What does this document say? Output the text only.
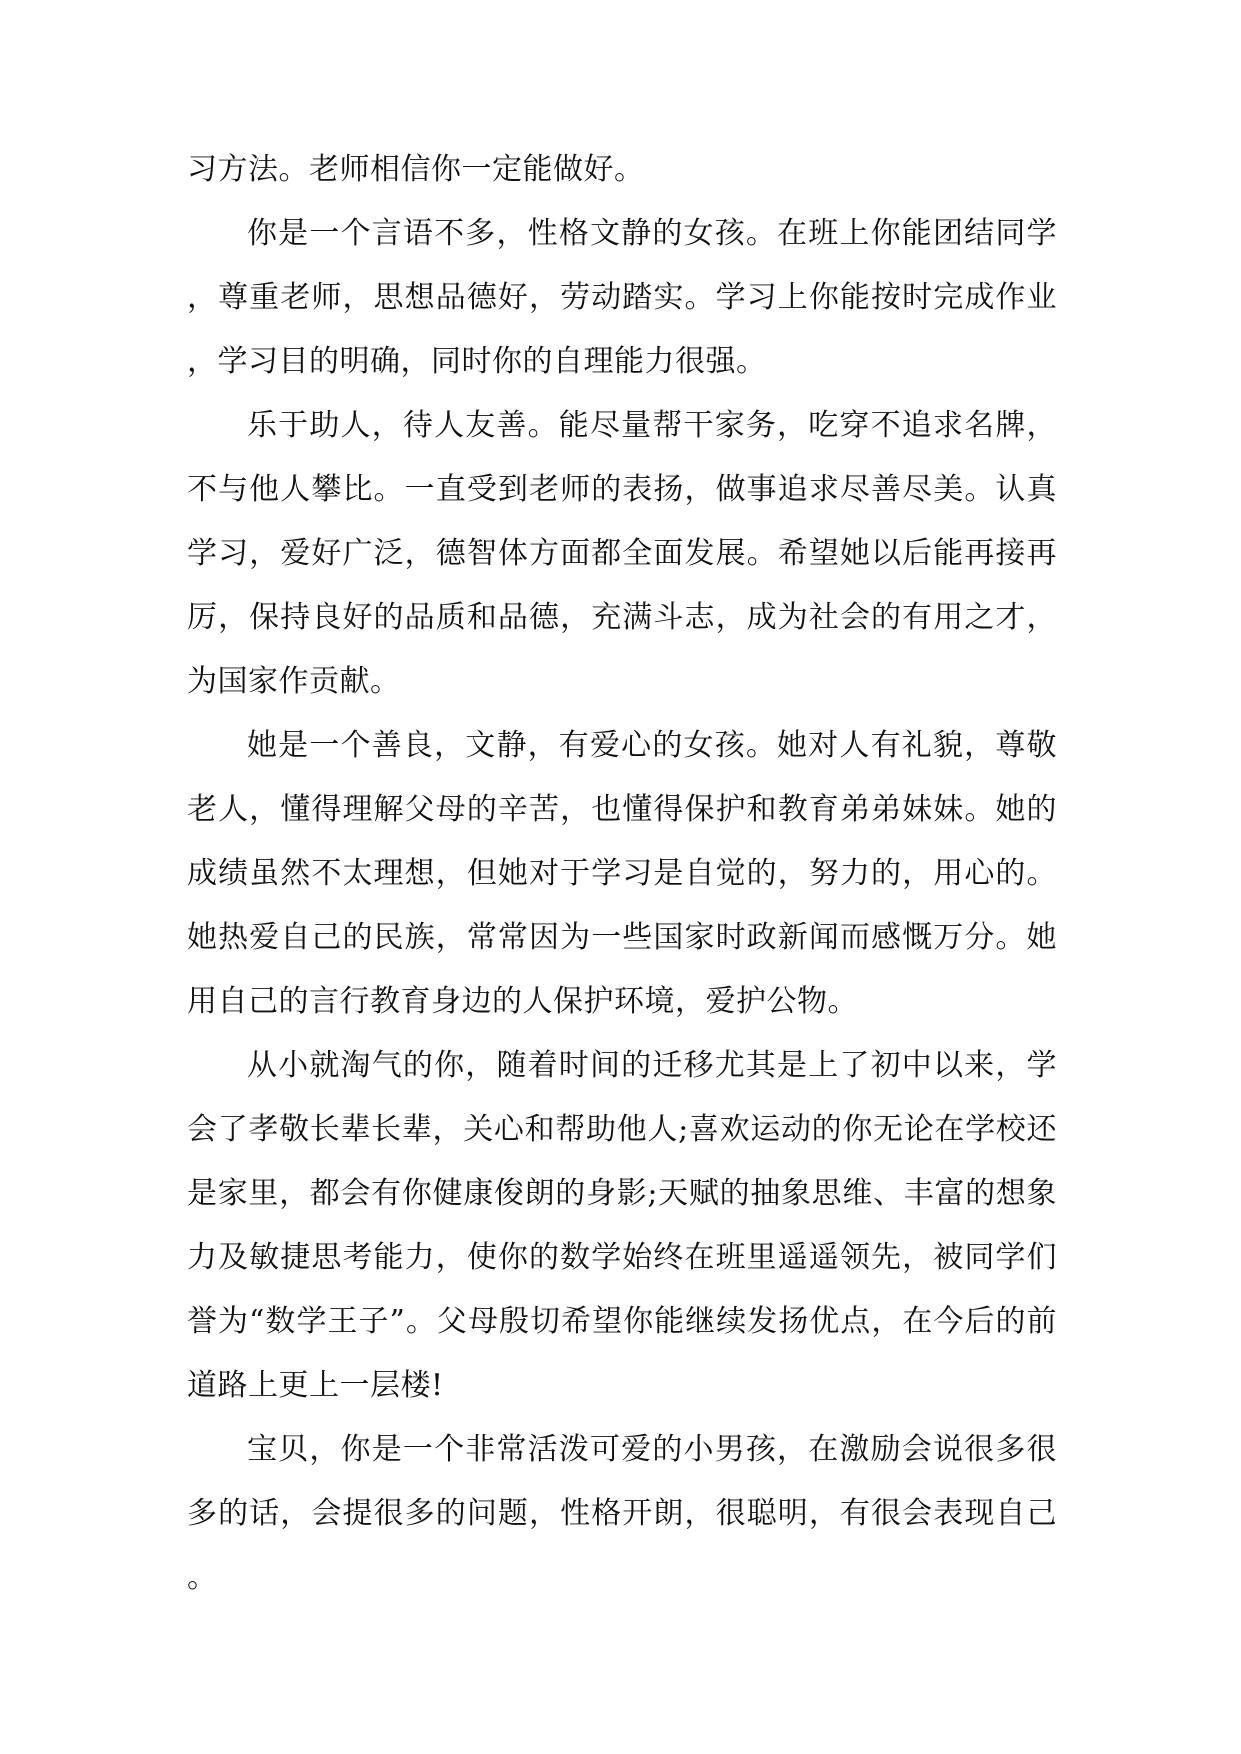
习方法。老师相信你一定能做好。

你是一个言语不多，性格文静的女孩。在班上你能团结同学，尊重老师，思想品德好，劳动踏实。学习上你能按时完成作业，学习目的明确，同时你的自理能力很强。

乐于助人，待人友善。能尽量帮干家务，吃穿不追求名牌，不与他人攀比。一直受到老师的表扬，做事追求尽善尽美。认真学习，爱好广泛，德智体方面都全面发展。希望她以后能再接再厉，保持良好的品质和品德，充满斗志，成为社会的有用之才，为国家作贡献。

她是一个善良，文静，有爱心的女孩。她对人有礼貌，尊敬老人，懂得理解父母的辛苦，也懂得保护和教育弟弟妹妹。她的成绩虽然不太理想，但她对于学习是自觉的，努力的，用心的。她热爱自己的民族，常常因为一些国家时政新闻而感慨万分。她用自己的言行教育身边的人保护环境，爱护公物。

从小就淘气的你，随着时间的迁移尤其是上了初中以来，学会了孝敬长辈长辈，关心和帮助他人;喜欢运动的你无论在学校还是家里，都会有你健康俊朗的身影;天赋的抽象思维、丰富的想象力及敏捷思考能力，使你的数学始终在班里遥遥领先，被同学们誉为“数学王子”。父母殷切希望你能继续发扬优点，在今后的前道路上更上一层楼!

宝贝，你是一个非常活泼可爱的小男孩，在激励会说很多很多的话，会提很多的问题，性格开朗，很聪明，有很会表现自己。
